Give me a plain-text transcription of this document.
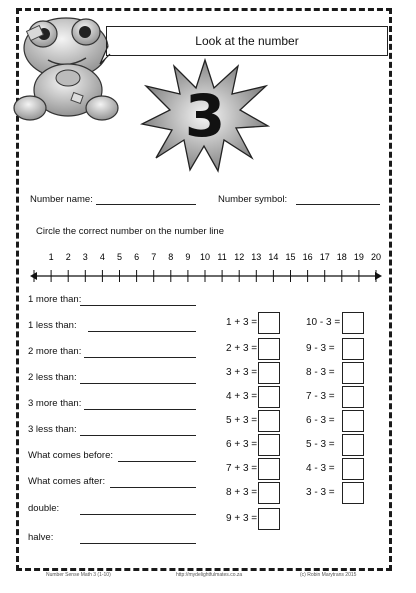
Look at the number
3
Number name:	Number symbol:
Circle the correct number on the number line
1 2 3 4 5 6 7 8 9 10 11 12 13 14 15 16 17 18 19 20
1 more than:
1 less than:
2 more than:
2 less than:
3 more than:
3 less than:
What comes before:
What comes after:
double:
halve:
1 + 3 =
2 + 3 =
3 + 3 =
4 + 3 =
5 + 3 =
6 + 3 =
7 + 3 =
8 + 3 =
9 + 3 =
10 - 3 =
9 - 3 =
8 - 3 =
7 - 3 =
6 - 3 =
5 - 3 =
4 - 3 =
3 - 3 =
Number Sense Math 3 (1-10)	http://mydelightfulmates.co.za	(c) Robin Marytrans 2015
